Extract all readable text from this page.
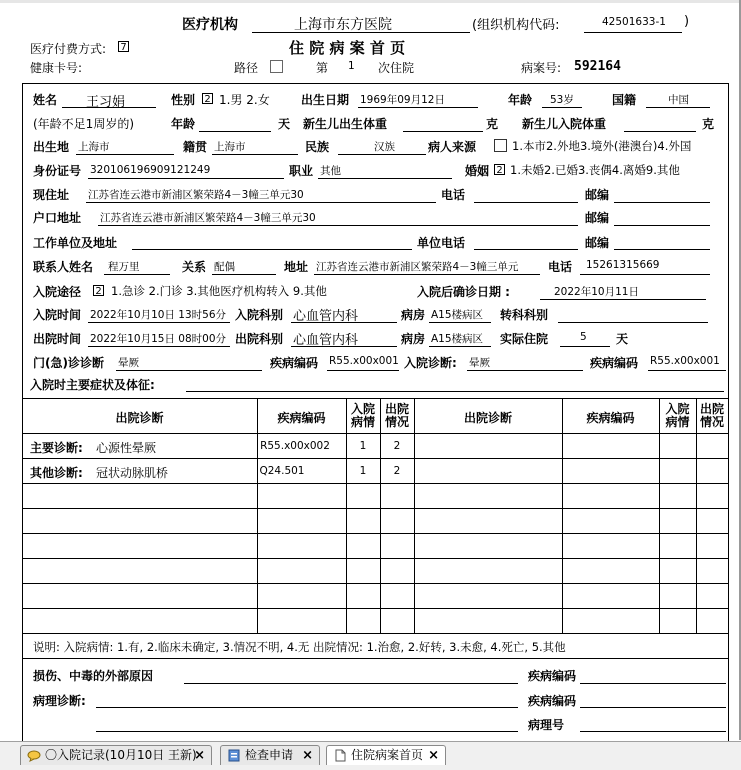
医疗机构	上海市东方医院	(组织机构代码:	42501633-1 )
医疗付费方式: 7	住 院 病 案 首 页
健康卡号:	路径	第 1 次住院	病案号: 592164
姓名 王习娟	性别 2 1.男 2.女	出生日期 1969年09月12日	年龄 53岁	国籍	中国
(年龄不足1周岁的)	年龄	天 新生儿出生体重	克 新生儿入院体重	克
出生地 上海市	籍贯 上海市	民族	汉族	病人来源	1.本市2.外地3.境外(港澳台)4.外国
身份证号 320106196909121249	职业 其他	婚姻 2 1.未婚2.已婚3.丧偶4.离婚9.其他
现住址 江苏省连云港市新浦区繁荣路4－3幢三单元30	电话	邮编
户口地址 江苏省连云港市新浦区繁荣路4－3幢三单元30	邮编
工作单位及地址	单位电话	邮编
联系人姓名 程万里	关系 配偶	地址 江苏省连云港市新浦区繁荣路4－3幢三单元	电话 15261315669
入院途径 2 1.急诊 2.门诊 3.其他医疗机构转入 9.其他	入院后确诊日期 :	2022年10月11日
入院时间 2022年10月10日 13时56分 入院科别 心血管内科	病房 A15楼病区 转科科别
出院时间 2022年10月15日 08时00分 出院科别 心血管内科	病房 A15楼病区 实际住院	5 天
门(急)诊诊断 晕厥	疾病编码 R55.x00x001 入院诊断: 晕厥	疾病编码 R55.x00x001
入院时主要症状及体征:
出院诊断	疾病编码
入院
病情
出院
情况	出院诊断	疾病编码
入院
病情
出院
情况
主要诊断: 心源性晕厥	R55.x00x002	1	2
其他诊断: 冠状动脉肌桥	Q24.501	1	2
说明: 入院病情: 1.有, 2.临床未确定, 3.情况不明, 4.无 出院情况: 1.治愈, 2.好转, 3.未愈, 4.死亡, 5.其他
损伤、中毒的外部原因	疾病编码
病理诊断:	疾病编码
病理号
〇入院记录(10月10日 王新)
×	检查申请 ×	住院病案首页 ×
